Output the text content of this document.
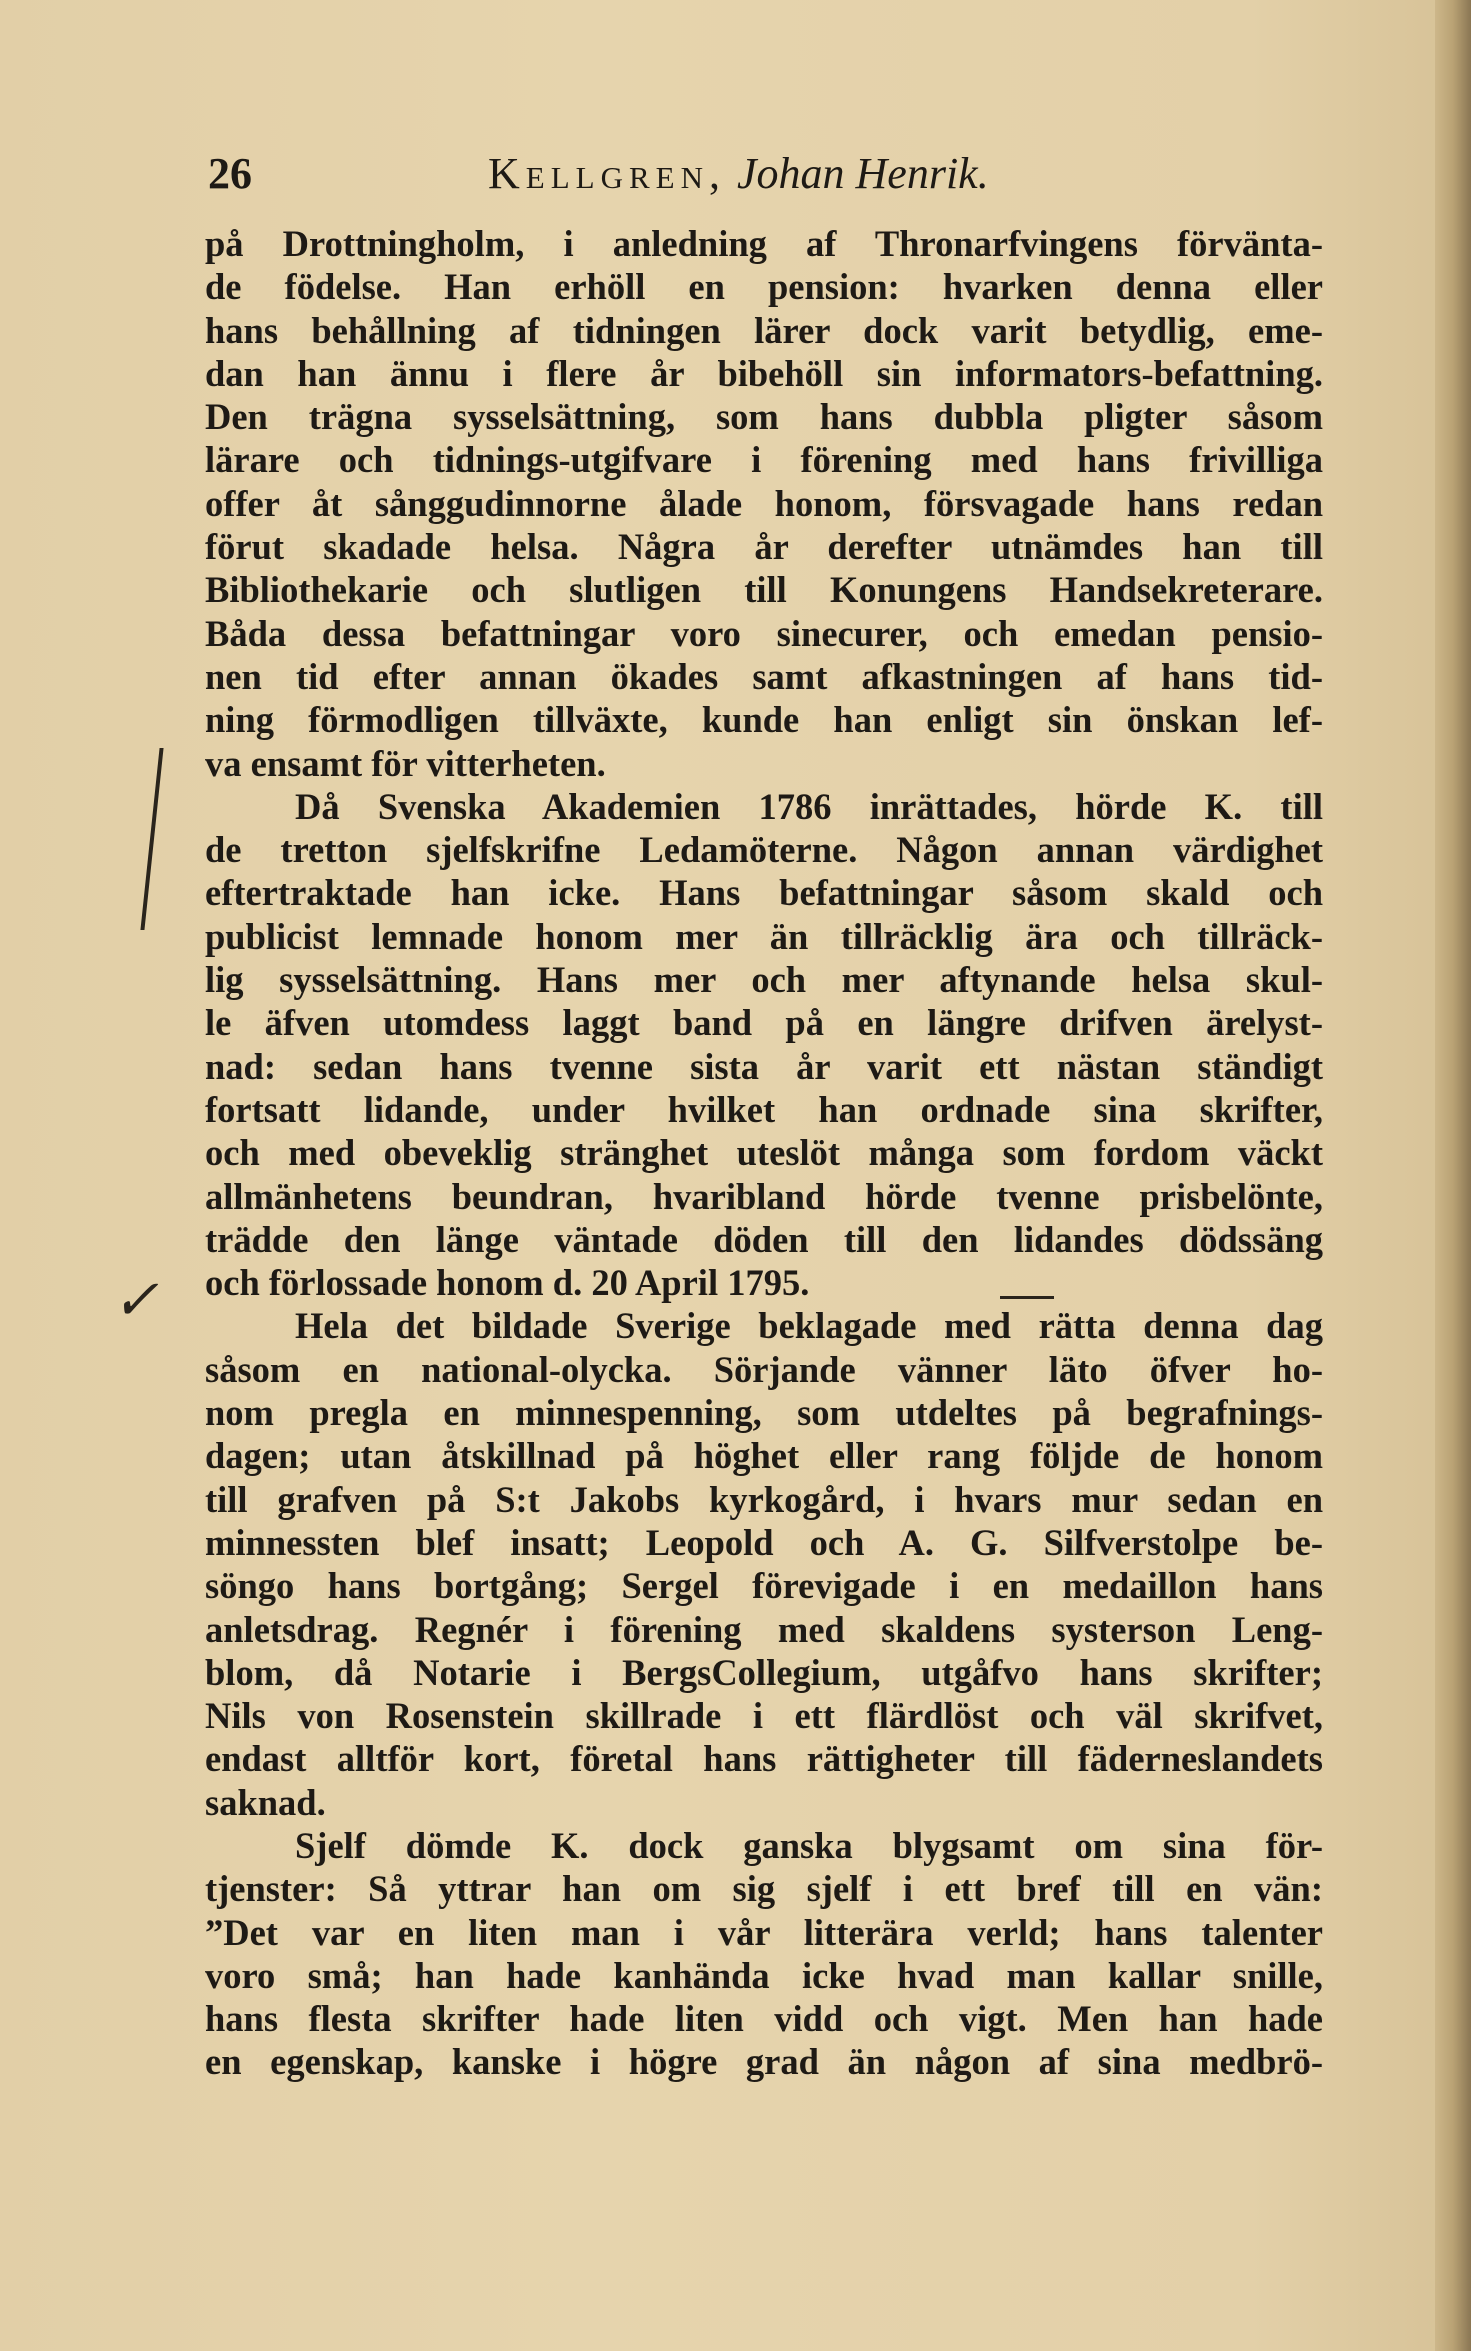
26	Kellgren, Johan Henrik.
✓
på Drottningholm, i anledning af Thronarfvingens förvänta-
de födelse. Han erhöll en pension: hvarken denna eller
hans behållning af tidningen lärer dock varit betydlig, eme-
dan han ännu i flere år bibehöll sin informators-befattning.
Den trägna sysselsättning, som hans dubbla pligter såsom
lärare och tidnings-utgifvare i förening med hans frivilliga
offer åt sånggudinnorne ålade honom, försvagade hans redan
förut skadade helsa. Några år derefter utnämdes han till
Bibliothekarie och slutligen till Konungens Handsekreterare.
Båda dessa befattningar voro sinecurer, och emedan pensio-
nen tid efter annan ökades samt afkastningen af hans tid-
ning förmodligen tillväxte, kunde han enligt sin önskan lef-
va ensamt för vitterheten.
Då Svenska Akademien 1786 inrättades, hörde K. till
de tretton sjelfskrifne Ledamöterne. Någon annan värdighet
eftertraktade han icke. Hans befattningar såsom skald och
publicist lemnade honom mer än tillräcklig ära och tillräck-
lig sysselsättning. Hans mer och mer aftynande helsa skul-
le äfven utomdess laggt band på en längre drifven ärelyst-
nad: sedan hans tvenne sista år varit ett nästan ständigt
fortsatt lidande, under hvilket han ordnade sina skrifter,
och med obeveklig stränghet uteslöt många som fordom väckt
allmänhetens beundran, hvaribland hörde tvenne prisbelönte,
trädde den länge väntade döden till den lidandes dödssäng
och förlossade honom d. 20 April 1795.
Hela det bildade Sverige beklagade med rätta denna dag
såsom en national-olycka. Sörjande vänner läto öfver ho-
nom pregla en minnespenning, som utdeltes på begrafnings-
dagen; utan åtskillnad på höghet eller rang följde de honom
till grafven på S:t Jakobs kyrkogård, i hvars mur sedan en
minnessten blef insatt; Leopold och A. G. Silfverstolpe be-
söngo hans bortgång; Sergel förevigade i en medaillon hans
anletsdrag. Regnér i förening med skaldens systerson Leng-
blom, då Notarie i BergsCollegium, utgåfvo hans skrifter;
Nils von Rosenstein skillrade i ett flärdlöst och väl skrifvet,
endast alltför kort, företal hans rättigheter till fäderneslandets
saknad.
Sjelf dömde K. dock ganska blygsamt om sina för-
tjenster: Så yttrar han om sig sjelf i ett bref till en vän:
”Det var en liten man i vår litterära verld; hans talenter
voro små; han hade kanhända icke hvad man kallar snille,
hans flesta skrifter hade liten vidd och vigt. Men han hade
en egenskap, kanske i högre grad än någon af sina medbrö-
